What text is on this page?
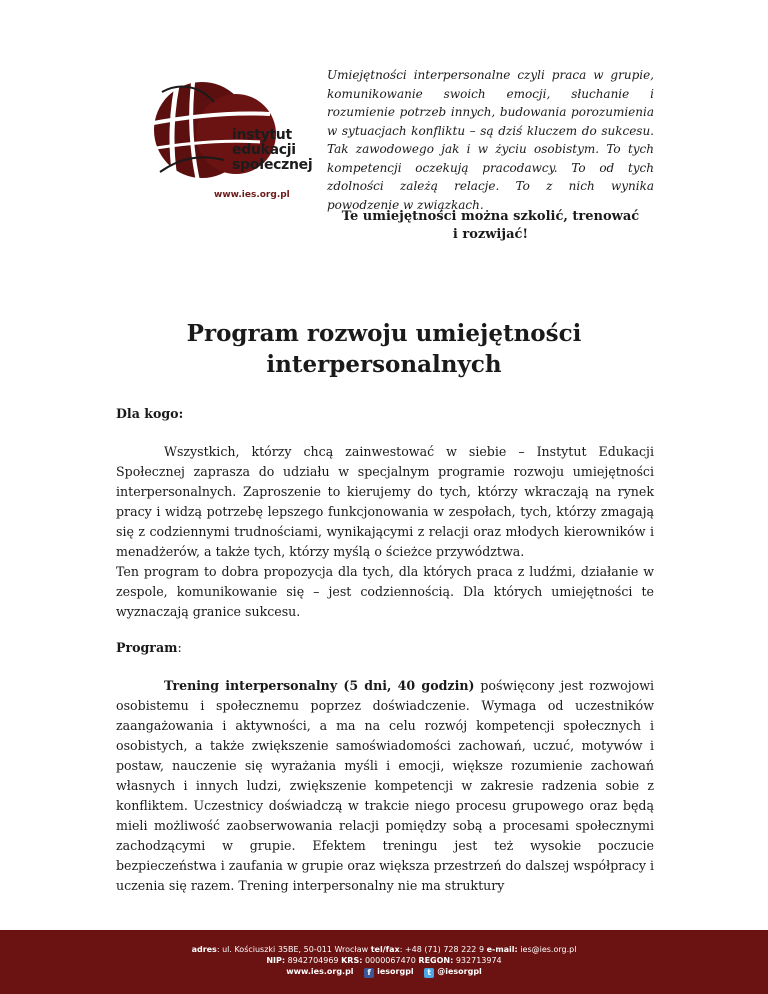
instytut
edukacji
społecznej
www.ies.org.pl
Umiejętności interpersonalne czyli praca w grupie, komunikowanie swoich emocji, słuchanie i rozumienie potrzeb innych, budowania porozumienia w sytuacjach konfliktu – są dziś kluczem do sukcesu. Tak zawodowego jak i w życiu osobistym. To tych kompetencji oczekują pracodawcy. To od tych zdolności zależą relacje. To z nich wynika powodzenie w związkach.
Te umiejętności można szkolić, trenować
i rozwijać!
Program rozwoju umiejętności
interpersonalnych

Dla kogo:

Wszystkich, którzy chcą zainwestować w siebie – Instytut Edukacji Społecznej zaprasza do udziału w specjalnym programie rozwoju umiejętności interpersonalnych. Zaproszenie to kierujemy do tych, którzy wkraczają na rynek pracy i widzą potrzebę lepszego funkcjonowania w zespołach, tych, którzy zmagają się z codziennymi trudnościami, wynikającymi z relacji oraz młodych kierowników i menadżerów, a także tych, którzy myślą o ścieżce przywództwa.

Ten program to dobra propozycja dla tych, dla których praca z ludźmi, działanie w zespole, komunikowanie się – jest codziennością. Dla których umiejętności te wyznaczają granice sukcesu.

Program:

Trening interpersonalny (5 dni, 40 godzin) poświęcony jest rozwojowi osobistemu i społecznemu poprzez doświadczenie. Wymaga od uczestników zaangażowania i aktywności, a ma na celu rozwój kompetencji społecznych i osobistych, a także zwiększenie samoświadomości zachowań, uczuć, motywów i postaw, nauczenie się wyrażania myśli i emocji, większe rozumienie zachowań własnych i innych ludzi, zwiększenie kompetencji w zakresie radzenia sobie z konfliktem. Uczestnicy doświadczą w trakcie niego procesu grupowego oraz będą mieli możliwość zaobserwowania relacji pomiędzy sobą a procesami społecznymi zachodzącymi w grupie. Efektem treningu jest też wysokie poczucie bezpieczeństwa i zaufania w grupie oraz większa przestrzeń do dalszej współpracy i uczenia się razem. Trening interpersonalny nie ma struktury

adres: ul. Kościuszki 35BE, 50-011 Wrocław tel/fax: +48 (71) 728 222 9 e-mail: ies@ies.org.pl
NIP: 8942704969 KRS: 0000067470 REGON: 932713974
www.ies.org.pl f iesorgpl t @iesorgpl
